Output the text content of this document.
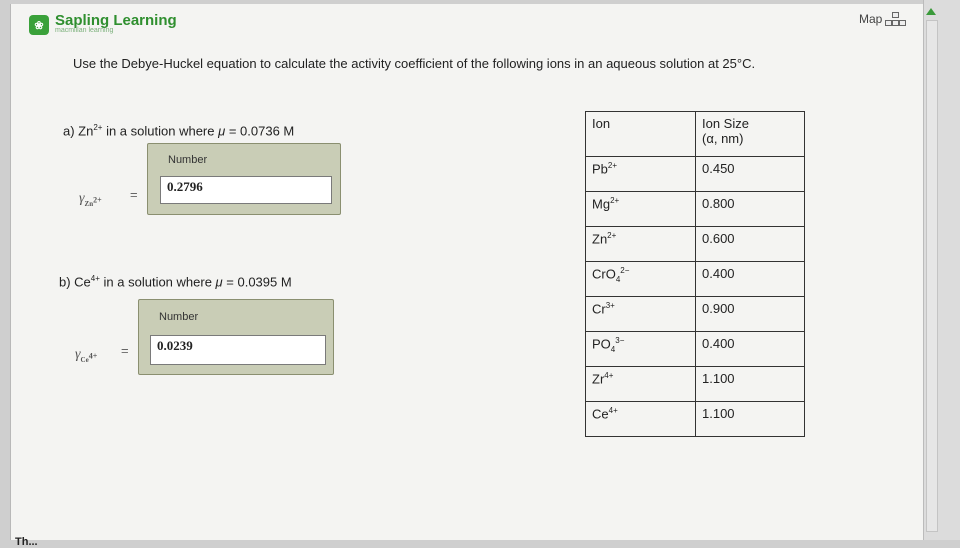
❀ Sapling Learning
macmillan learning
Map
Use the Debye-Huckel equation to calculate the activity coefficient of the following ions in an aqueous solution at 25°C.
a) $Zn^{2+}$ in a solution where μ = 0.0736 M
Number
0.2796
$\gamma_{Zn^{2+}}$ =
b) $Ce^{4+}$ in a solution where μ = 0.0395 M
Number
0.0239
$\gamma_{Ce^{4+}}$ =
Ion	Ion Size
(α, nm)

$Pb^{2+}$	0.450
$Mg^{2+}$	0.800
$Zn^{2+}$	0.600
CrO$_4^{2-}$	0.400
$Cr^{3+}$	0.900
$PO_4^{3-}$	0.400
$Zr^{4+}$	1.100
$Ce^{4+}$	1.100
Th...
